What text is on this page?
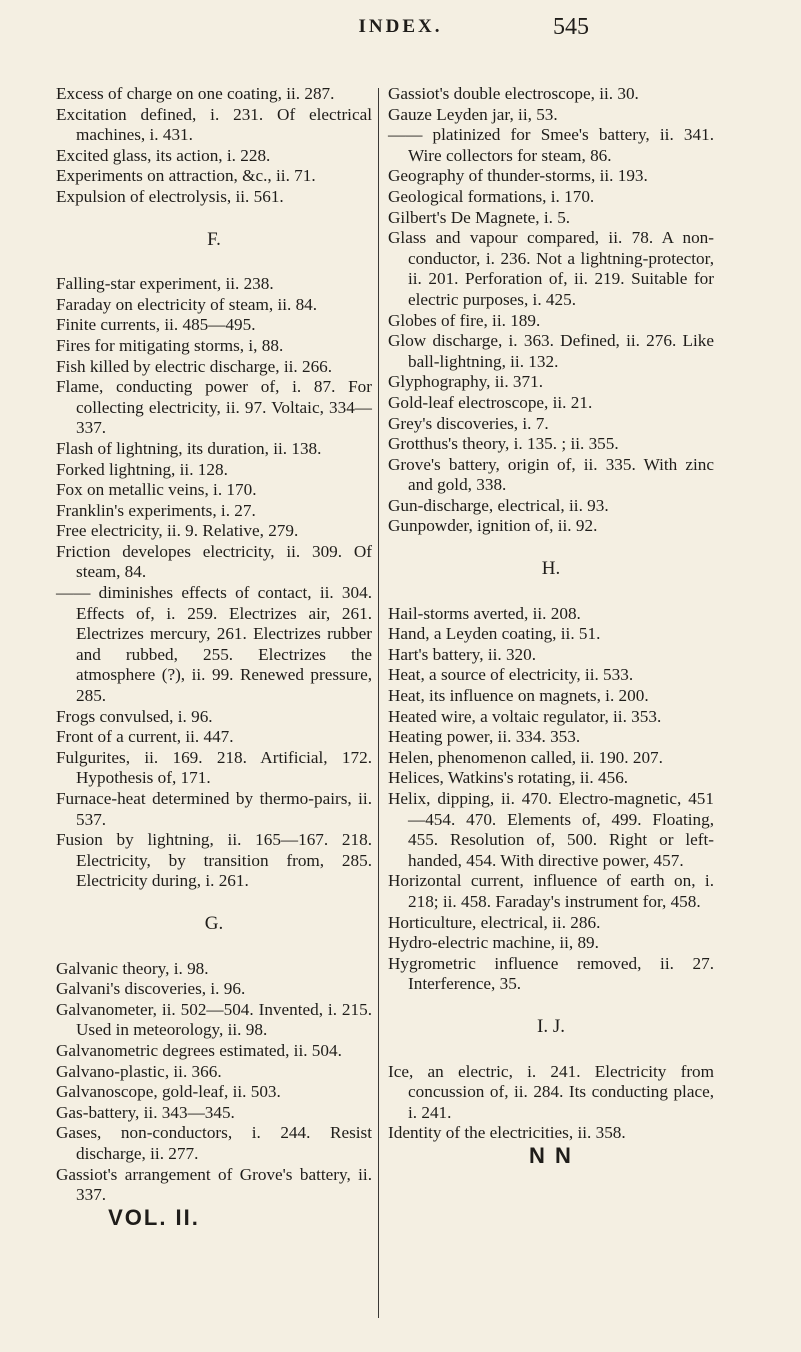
INDEX.	545

Excess of charge on one coating, ii. 287.

Excitation defined, i. 231. Of electrical machines, i. 431.

Excited glass, its action, i. 228.

Experiments on attraction, &c., ii. 71.

Expulsion of electrolysis, ii. 561.

F.

Falling-star experiment, ii. 238.

Faraday on electricity of steam, ii. 84.

Finite currents, ii. 485—495.

Fires for mitigating storms, i, 88.

Fish killed by electric discharge, ii. 266.

Flame, conducting power of, i. 87. For collecting electricity, ii. 97. Voltaic, 334—337.

Flash of lightning, its duration, ii. 138.

Forked lightning, ii. 128.

Fox on metallic veins, i. 170.

Franklin's experiments, i. 27.

Free electricity, ii. 9. Relative, 279.

Friction developes electricity, ii. 309. Of steam, 84.

—— diminishes effects of contact, ii. 304. Effects of, i. 259. Electrizes air, 261. Electrizes mercury, 261. Electrizes rubber and rubbed, 255. Electrizes the atmosphere (?), ii. 99. Renewed pressure, 285.

Frogs convulsed, i. 96.

Front of a current, ii. 447.

Fulgurites, ii. 169. 218. Artificial, 172. Hypothesis of, 171.

Furnace-heat determined by thermo-pairs, ii. 537.

Fusion by lightning, ii. 165—167. 218. Electricity, by transition from, 285. Electricity during, i. 261.

G.

Galvanic theory, i. 98.

Galvani's discoveries, i. 96.

Galvanometer, ii. 502—504. Invented, i. 215. Used in meteorology, ii. 98.

Galvanometric degrees estimated, ii. 504.

Galvano-plastic, ii. 366.

Galvanoscope, gold-leaf, ii. 503.

Gas-battery, ii. 343—345.

Gases, non-conductors, i. 244. Resist discharge, ii. 277.

Gassiot's arrangement of Grove's battery, ii. 337.

VOL. II.

Gassiot's double electroscope, ii. 30.

Gauze Leyden jar, ii, 53.

—— platinized for Smee's battery, ii. 341. Wire collectors for steam, 86.

Geography of thunder-storms, ii. 193.

Geological formations, i. 170.

Gilbert's De Magnete, i. 5.

Glass and vapour compared, ii. 78. A non-conductor, i. 236. Not a lightning-protector, ii. 201. Perforation of, ii. 219. Suitable for electric purposes, i. 425.

Globes of fire, ii. 189.

Glow discharge, i. 363. Defined, ii. 276. Like ball-lightning, ii. 132.

Glyphography, ii. 371.

Gold-leaf electroscope, ii. 21.

Grey's discoveries, i. 7.

Grotthus's theory, i. 135. ; ii. 355.

Grove's battery, origin of, ii. 335. With zinc and gold, 338.

Gun-discharge, electrical, ii. 93.

Gunpowder, ignition of, ii. 92.

H.

Hail-storms averted, ii. 208.

Hand, a Leyden coating, ii. 51.

Hart's battery, ii. 320.

Heat, a source of electricity, ii. 533.

Heat, its influence on magnets, i. 200.

Heated wire, a voltaic regulator, ii. 353.

Heating power, ii. 334. 353.

Helen, phenomenon called, ii. 190. 207.

Helices, Watkins's rotating, ii. 456.

Helix, dipping, ii. 470. Electro-magnetic, 451—454. 470. Elements of, 499. Floating, 455. Resolution of, 500. Right or left-handed, 454. With directive power, 457.

Horizontal current, influence of earth on, i. 218; ii. 458. Faraday's instrument for, 458.

Horticulture, electrical, ii. 286.

Hydro-electric machine, ii, 89.

Hygrometric influence removed, ii. 27. Interference, 35.

I. J.

Ice, an electric, i. 241. Electricity from concussion of, ii. 284. Its conducting place, i. 241.

Identity of the electricities, ii. 358.

N N
